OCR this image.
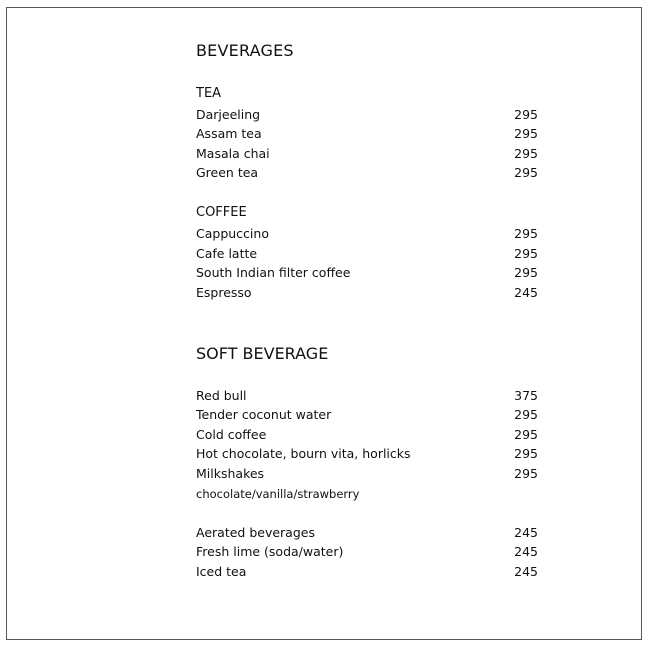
BEVERAGES
TEA
Darjeeling	295
Assam tea	295
Masala chai	295
Green tea	295
COFFEE
Cappuccino	295
Cafe latte	295
South Indian filter coffee	295
Espresso	245
SOFT BEVERAGE
Red bull	375
Tender coconut water	295
Cold coffee	295
Hot chocolate, bourn vita, horlicks	295
Milkshakes	295
chocolate/vanilla/strawberry
Aerated beverages	245
Fresh lime (soda/water)	245
Iced tea	245
